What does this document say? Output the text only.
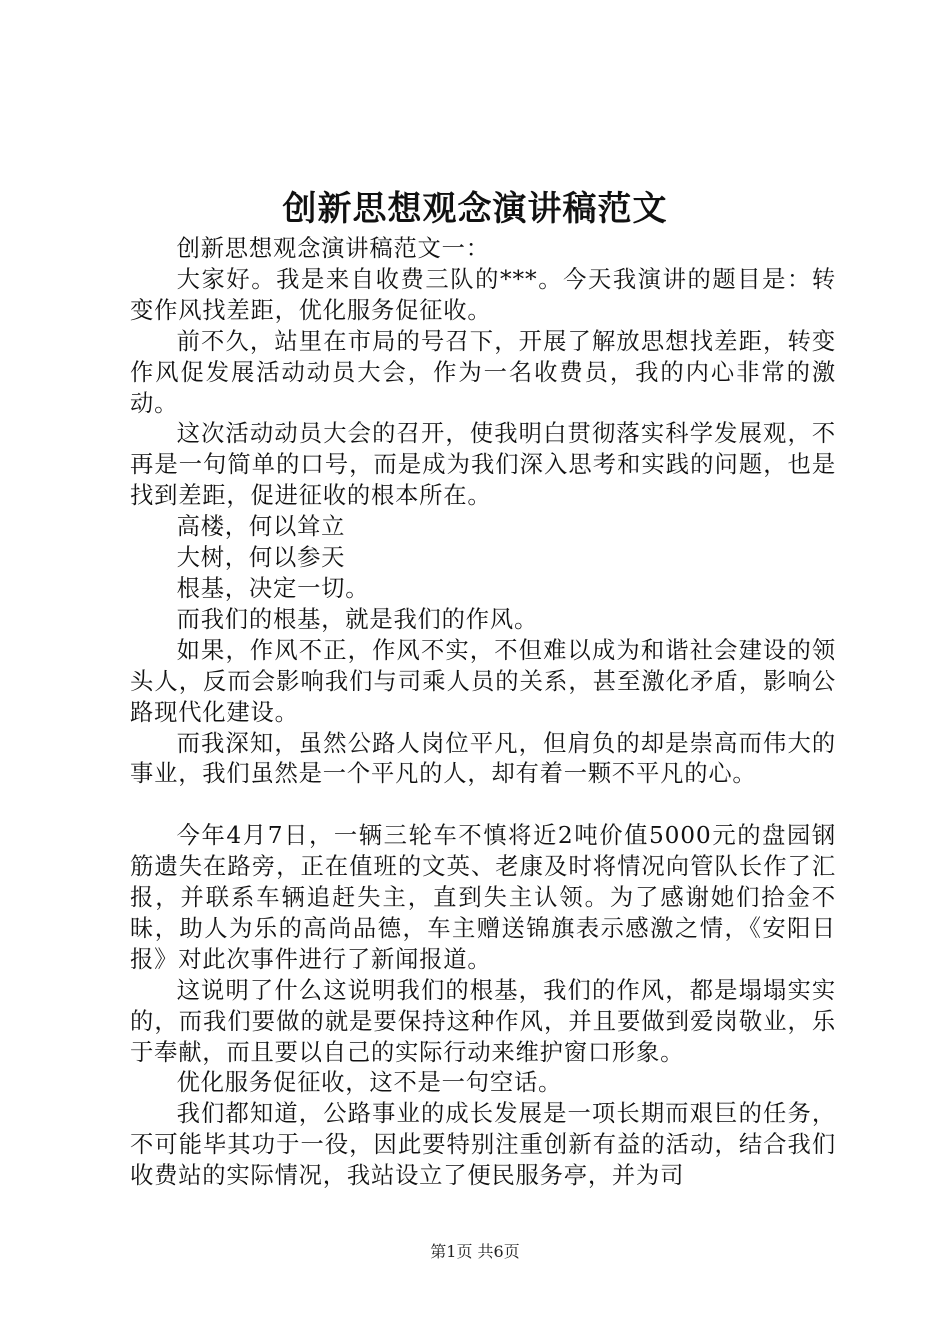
创新思想观念演讲稿范文

创新思想观念演讲稿范文一：

大家好。我是来自收费三队的***。今天我演讲的题目是：转变作风找差距，优化服务促征收。

前不久，站里在市局的号召下，开展了解放思想找差距，转变作风促发展活动动员大会，作为一名收费员，我的内心非常的激动。

这次活动动员大会的召开，使我明白贯彻落实科学发展观，不再是一句简单的口号，而是成为我们深入思考和实践的问题，也是找到差距，促进征收的根本所在。

高楼，何以耸立

大树，何以参天

根基，决定一切。

而我们的根基，就是我们的作风。

如果，作风不正，作风不实，不但难以成为和谐社会建设的领头人，反而会影响我们与司乘人员的关系，甚至激化矛盾，影响公路现代化建设。

而我深知，虽然公路人岗位平凡，但肩负的却是崇高而伟大的事业，我们虽然是一个平凡的人，却有着一颗不平凡的心。

今年4月7日，一辆三轮车不慎将近2吨价值5000元的盘园钢筋遗失在路旁，正在值班的文英、老康及时将情况向管队长作了汇报，并联系车辆追赶失主，直到失主认领。为了感谢她们拾金不昧，助人为乐的高尚品德，车主赠送锦旗表示感激之情，《安阳日报》对此次事件进行了新闻报道。

这说明了什么这说明我们的根基，我们的作风，都是塌塌实实的，而我们要做的就是要保持这种作风，并且要做到爱岗敬业，乐于奉献，而且要以自己的实际行动来维护窗口形象。

优化服务促征收，这不是一句空话。

我们都知道，公路事业的成长发展是一项长期而艰巨的任务，不可能毕其功于一役，因此要特别注重创新有益的活动，结合我们收费站的实际情况，我站设立了便民服务亭，并为司

第1页 共6页
